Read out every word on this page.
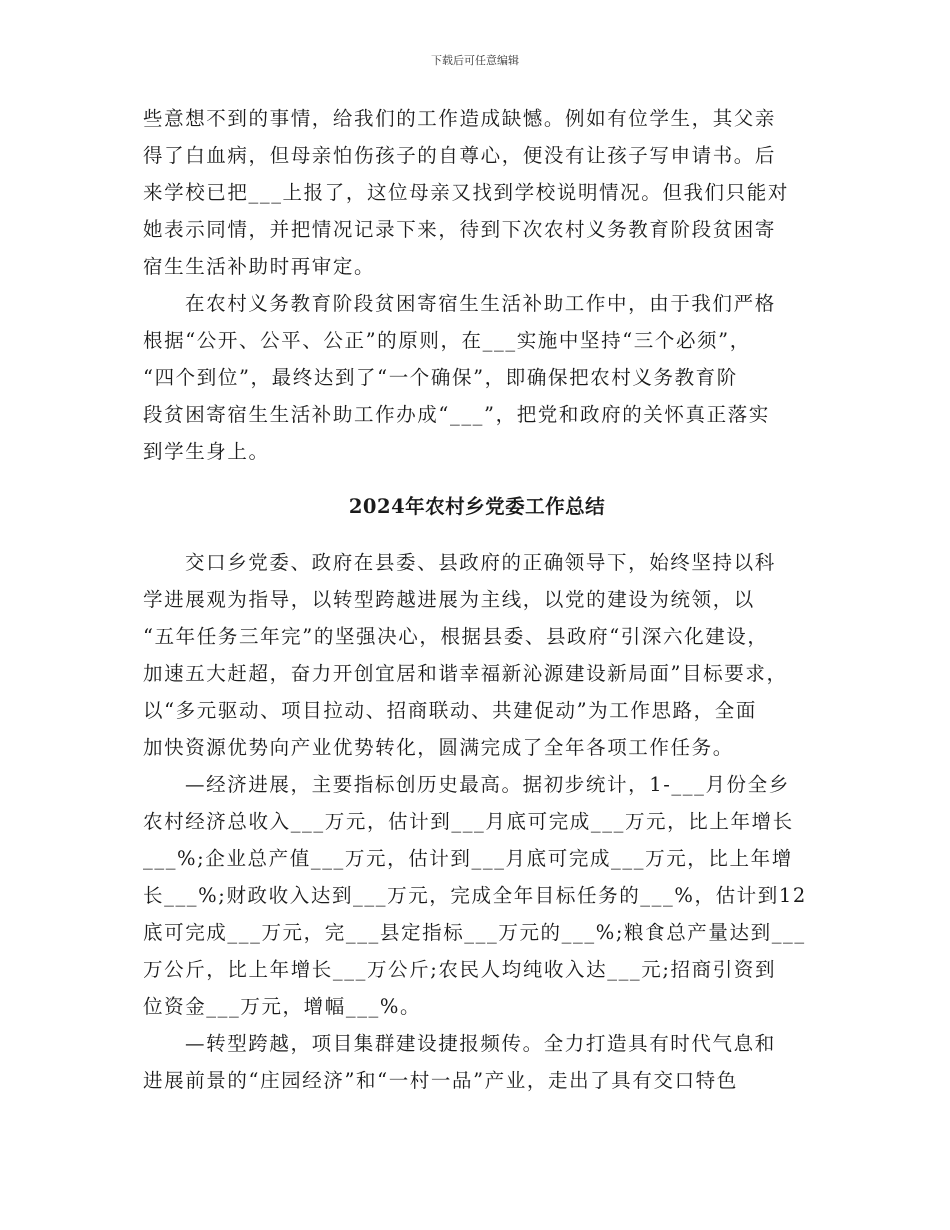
下载后可任意编辑
些意想不到的事情，给我们的工作造成缺憾。例如有位学生，其父亲
得了白血病，但母亲怕伤孩子的自尊心，便没有让孩子写申请书。后
来学校已把___上报了，这位母亲又找到学校说明情况。但我们只能对
她表示同情，并把情况记录下来，待到下次农村义务教育阶段贫困寄
宿生生活补助时再审定。
在农村义务教育阶段贫困寄宿生生活补助工作中，由于我们严格
根据“公开、公平、公正”的原则，在___实施中坚持“三个必须”，
“四个到位”，最终达到了“一个确保”，即确保把农村义务教育阶
段贫困寄宿生生活补助工作办成“___”，把党和政府的关怀真正落实
到学生身上。
2024年农村乡党委工作总结
交口乡党委、政府在县委、县政府的正确领导下，始终坚持以科
学进展观为指导，以转型跨越进展为主线，以党的建设为统领，以
“五年任务三年完”的坚强决心，根据县委、县政府“引深六化建设，
加速五大赶超，奋力开创宜居和谐幸福新沁源建设新局面”目标要求，
以“多元驱动、项目拉动、招商联动、共建促动”为工作思路，全面
加快资源优势向产业优势转化，圆满完成了全年各项工作任务。
—经济进展，主要指标创历史最高。据初步统计，1-___月份全乡
农村经济总收入___万元，估计到___月底可完成___万元，比上年增长
___%;企业总产值___万元，估计到___月底可完成___万元，比上年增
长___%;财政收入达到___万元，完成全年目标任务的___%，估计到12
底可完成___万元，完___县定指标___万元的___%;粮食总产量达到___
万公斤，比上年增长___万公斤;农民人均纯收入达___元;招商引资到
位资金___万元，增幅___%。
—转型跨越，项目集群建设捷报频传。全力打造具有时代气息和
进展前景的“庄园经济”和“一村一品”产业，走出了具有交口特色
